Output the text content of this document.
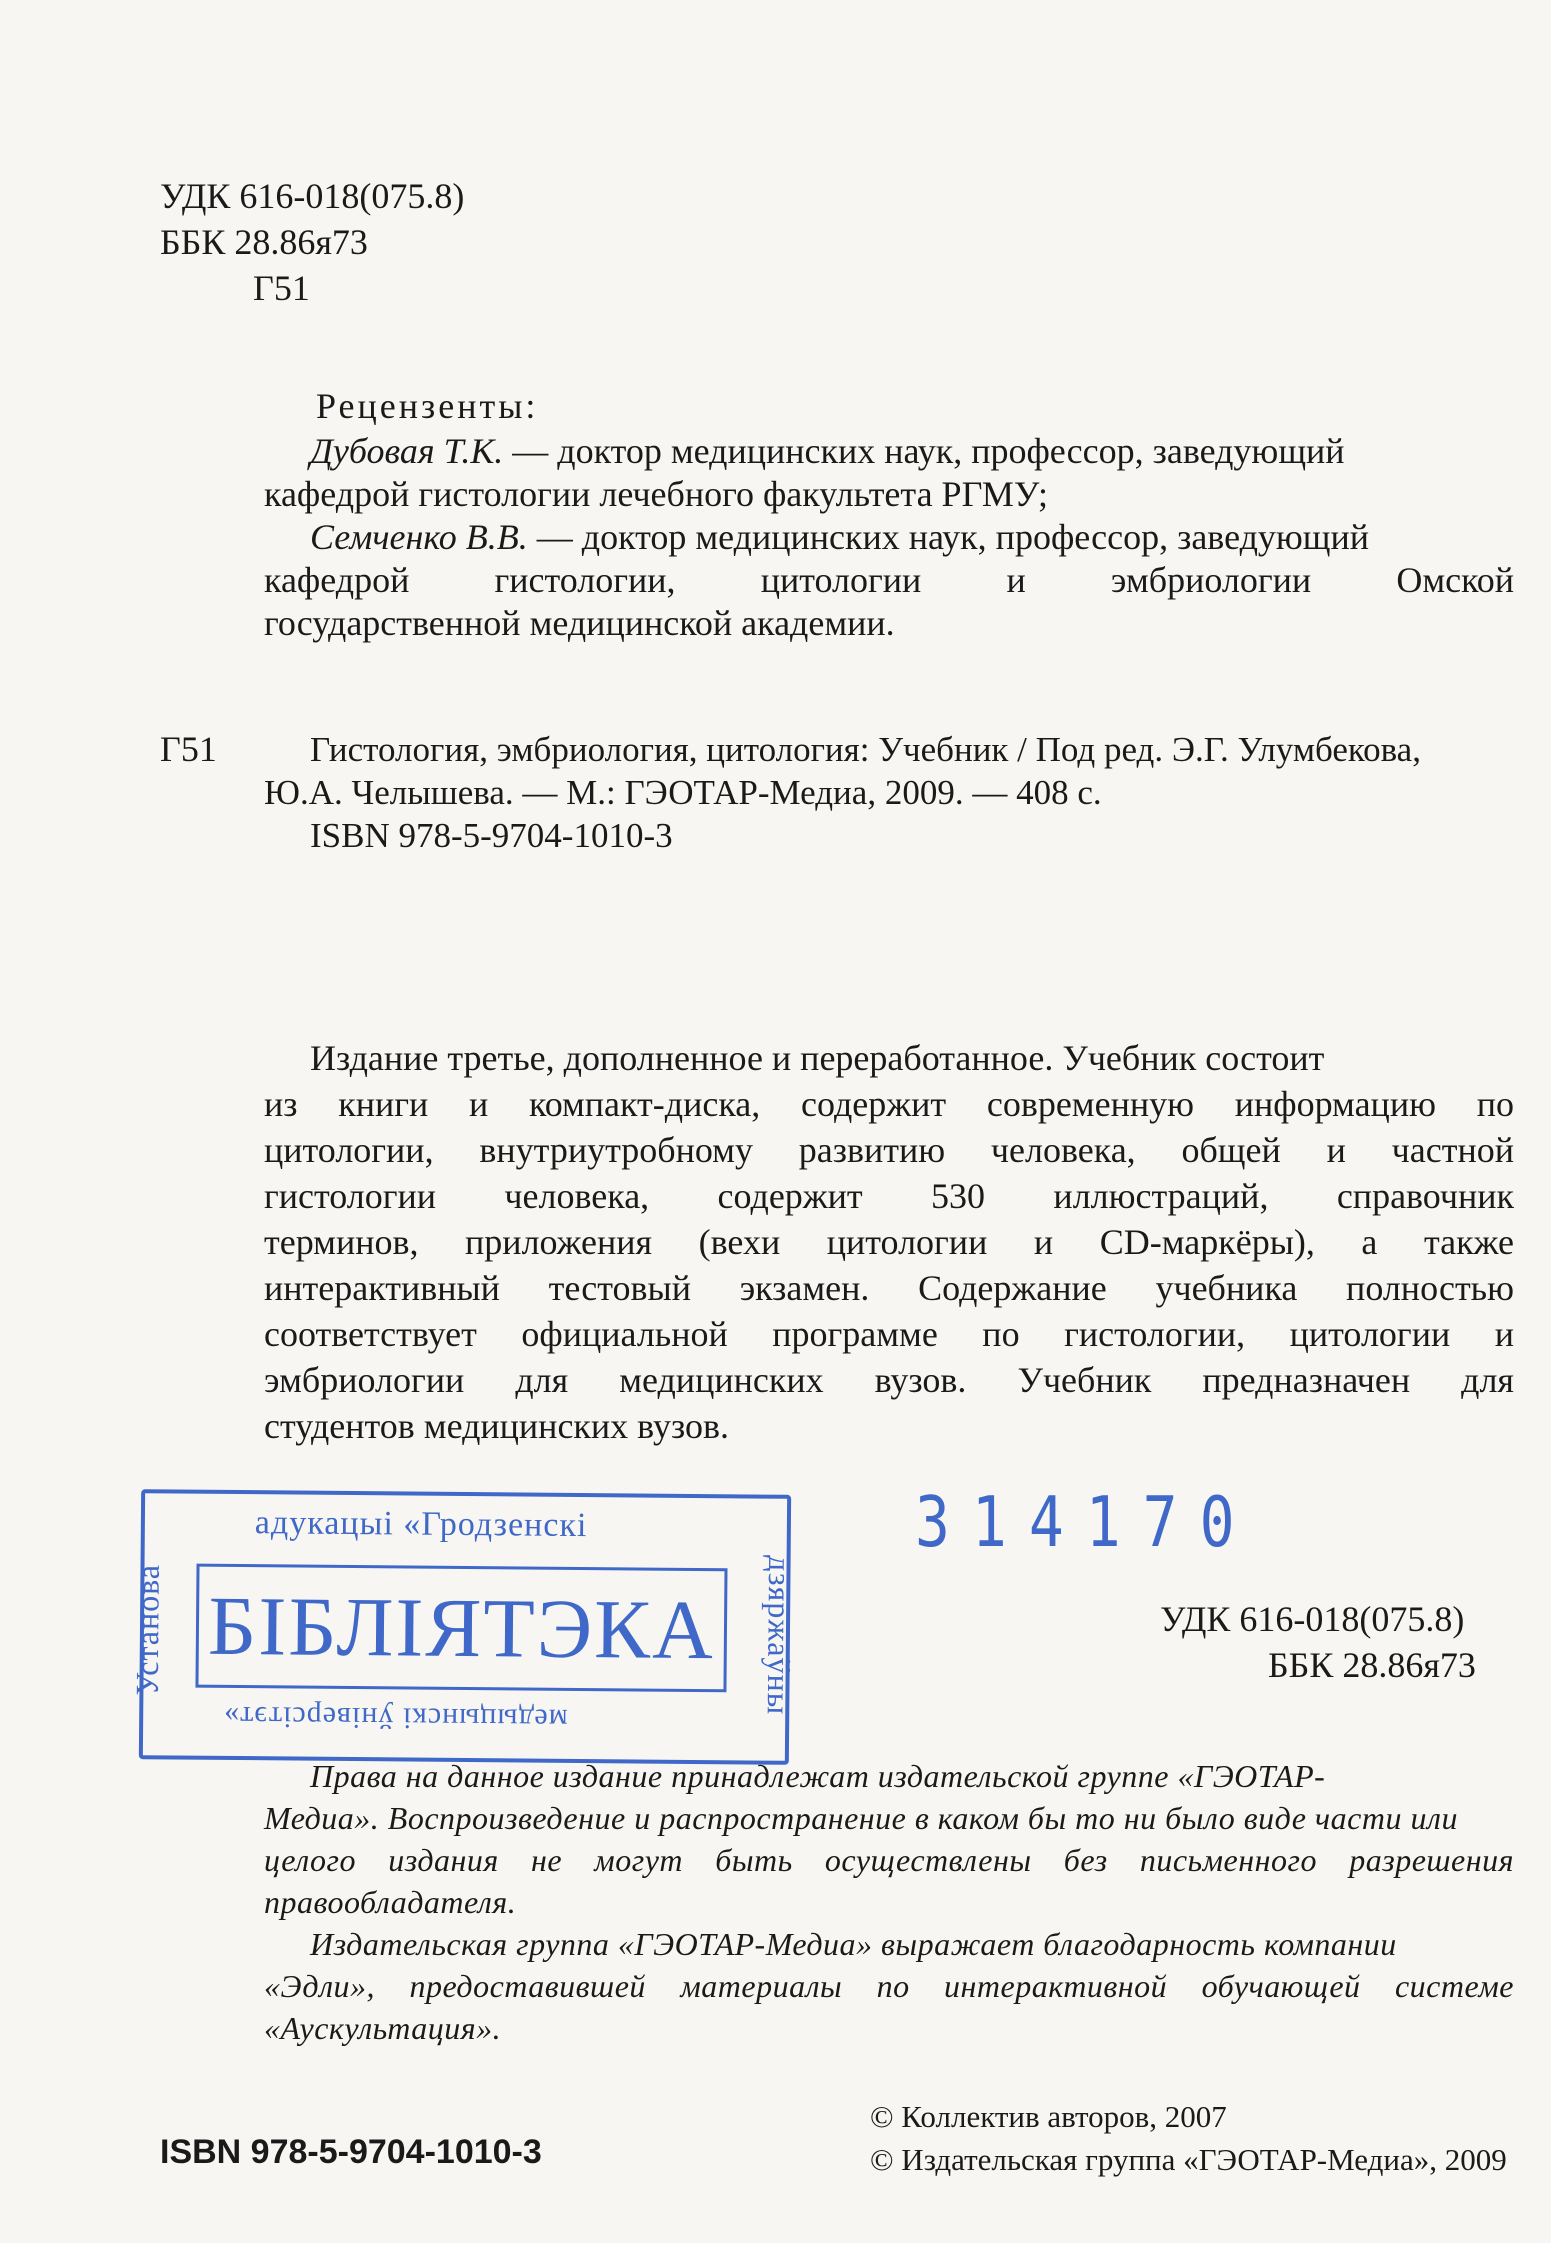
УДК 616-018(075.8)
ББК 28.86я73
Г51
Рецензенты:
Дубовая Т.К. — доктор медицинских наук, профессор, заведующий
кафедрой гистологии лечебного факультета РГМУ;
Семченко В.В. — доктор медицинских наук, профессор, заведующий
кафедрой гистологии, цитологии и эмбриологии Омской
государственной медицинской академии.
Г51	Гистология, эмбриология, цитология: Учебник / Под ред. Э.Г. Улумбекова,
Ю.А. Челышева. — М.: ГЭОТАР-Медиа, 2009. — 408 с.
ISBN 978-5-9704-1010-3
Издание третье, дополненное и переработанное. Учебник состоит
из книги и компакт-диска, содержит современную информацию по
цитологии, внутриутробному развитию человека, общей и частной
гистологии человека, содержит 530 иллюстраций, справочник
терминов, приложения (вехи цитологии и CD-маркёры), а также
интерактивный тестовый экзамен. Содержание учебника полностью
соответствует официальной программе по гистологии, цитологии и
эмбриологии для медицинских вузов. Учебник предназначен для
студентов медицинских вузов.
адукацыі «Гродзенскі
Установа	дзяржаўны
БІБЛІЯТЭКА
медыцынскі ўніверсітэт»
314170
УДК 616-018(075.8)
ББК 28.86я73
Права на данное издание принадлежат издательской группе «ГЭОТАР-
Медиа». Воспроизведение и распространение в каком бы то ни было виде части или
целого издания не могут быть осуществлены без письменного разрешения
правообладателя.
Издательская группа «ГЭОТАР-Медиа» выражает благодарность компании
«Эдли», предоставившей материалы по интерактивной обучающей системе
«Аускультация».
ISBN 978-5-9704-1010-3
© Коллектив авторов, 2007
© Издательская группа «ГЭОТАР-Медиа», 2009
